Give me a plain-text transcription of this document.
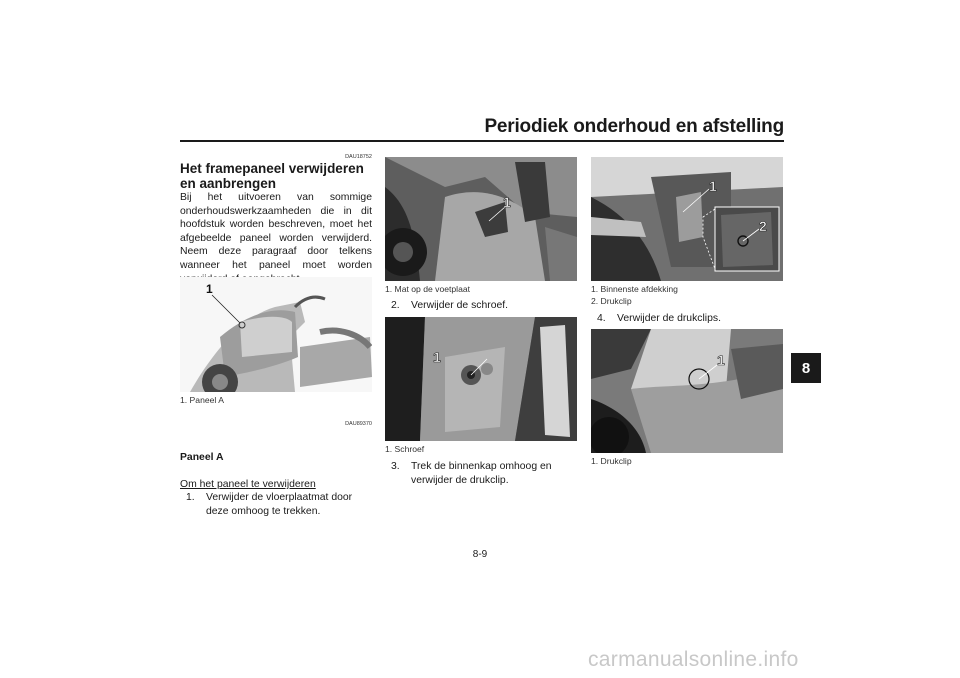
Periodiek onderhoud en afstelling
8
DAU18752
Het framepaneel verwijderen en aanbrengen
Bij het uitvoeren van sommige onderhoudswerkzaamheden die in dit hoofdstuk worden beschreven, moet het afgebeelde paneel worden verwijderd. Neem deze paragraaf door telkens wanneer het paneel moet worden
1
1. Paneel A
DAU89370
Paneel A
Om het paneel te verwijderen
1. Verwijder de vloerplaatmat door deze omhoog te trekken.
1
1. Mat op de voetplaat
2. Verwijder de schroef.
1
1. Schroef
3. Trek de binnenkap omhoog en verwijder de drukclip.
1
2
1. Binnenste afdekking
2. Drukclip
4. Verwijder de drukclips.
1
1. Drukclip
8-9
carmanualsonline.info
